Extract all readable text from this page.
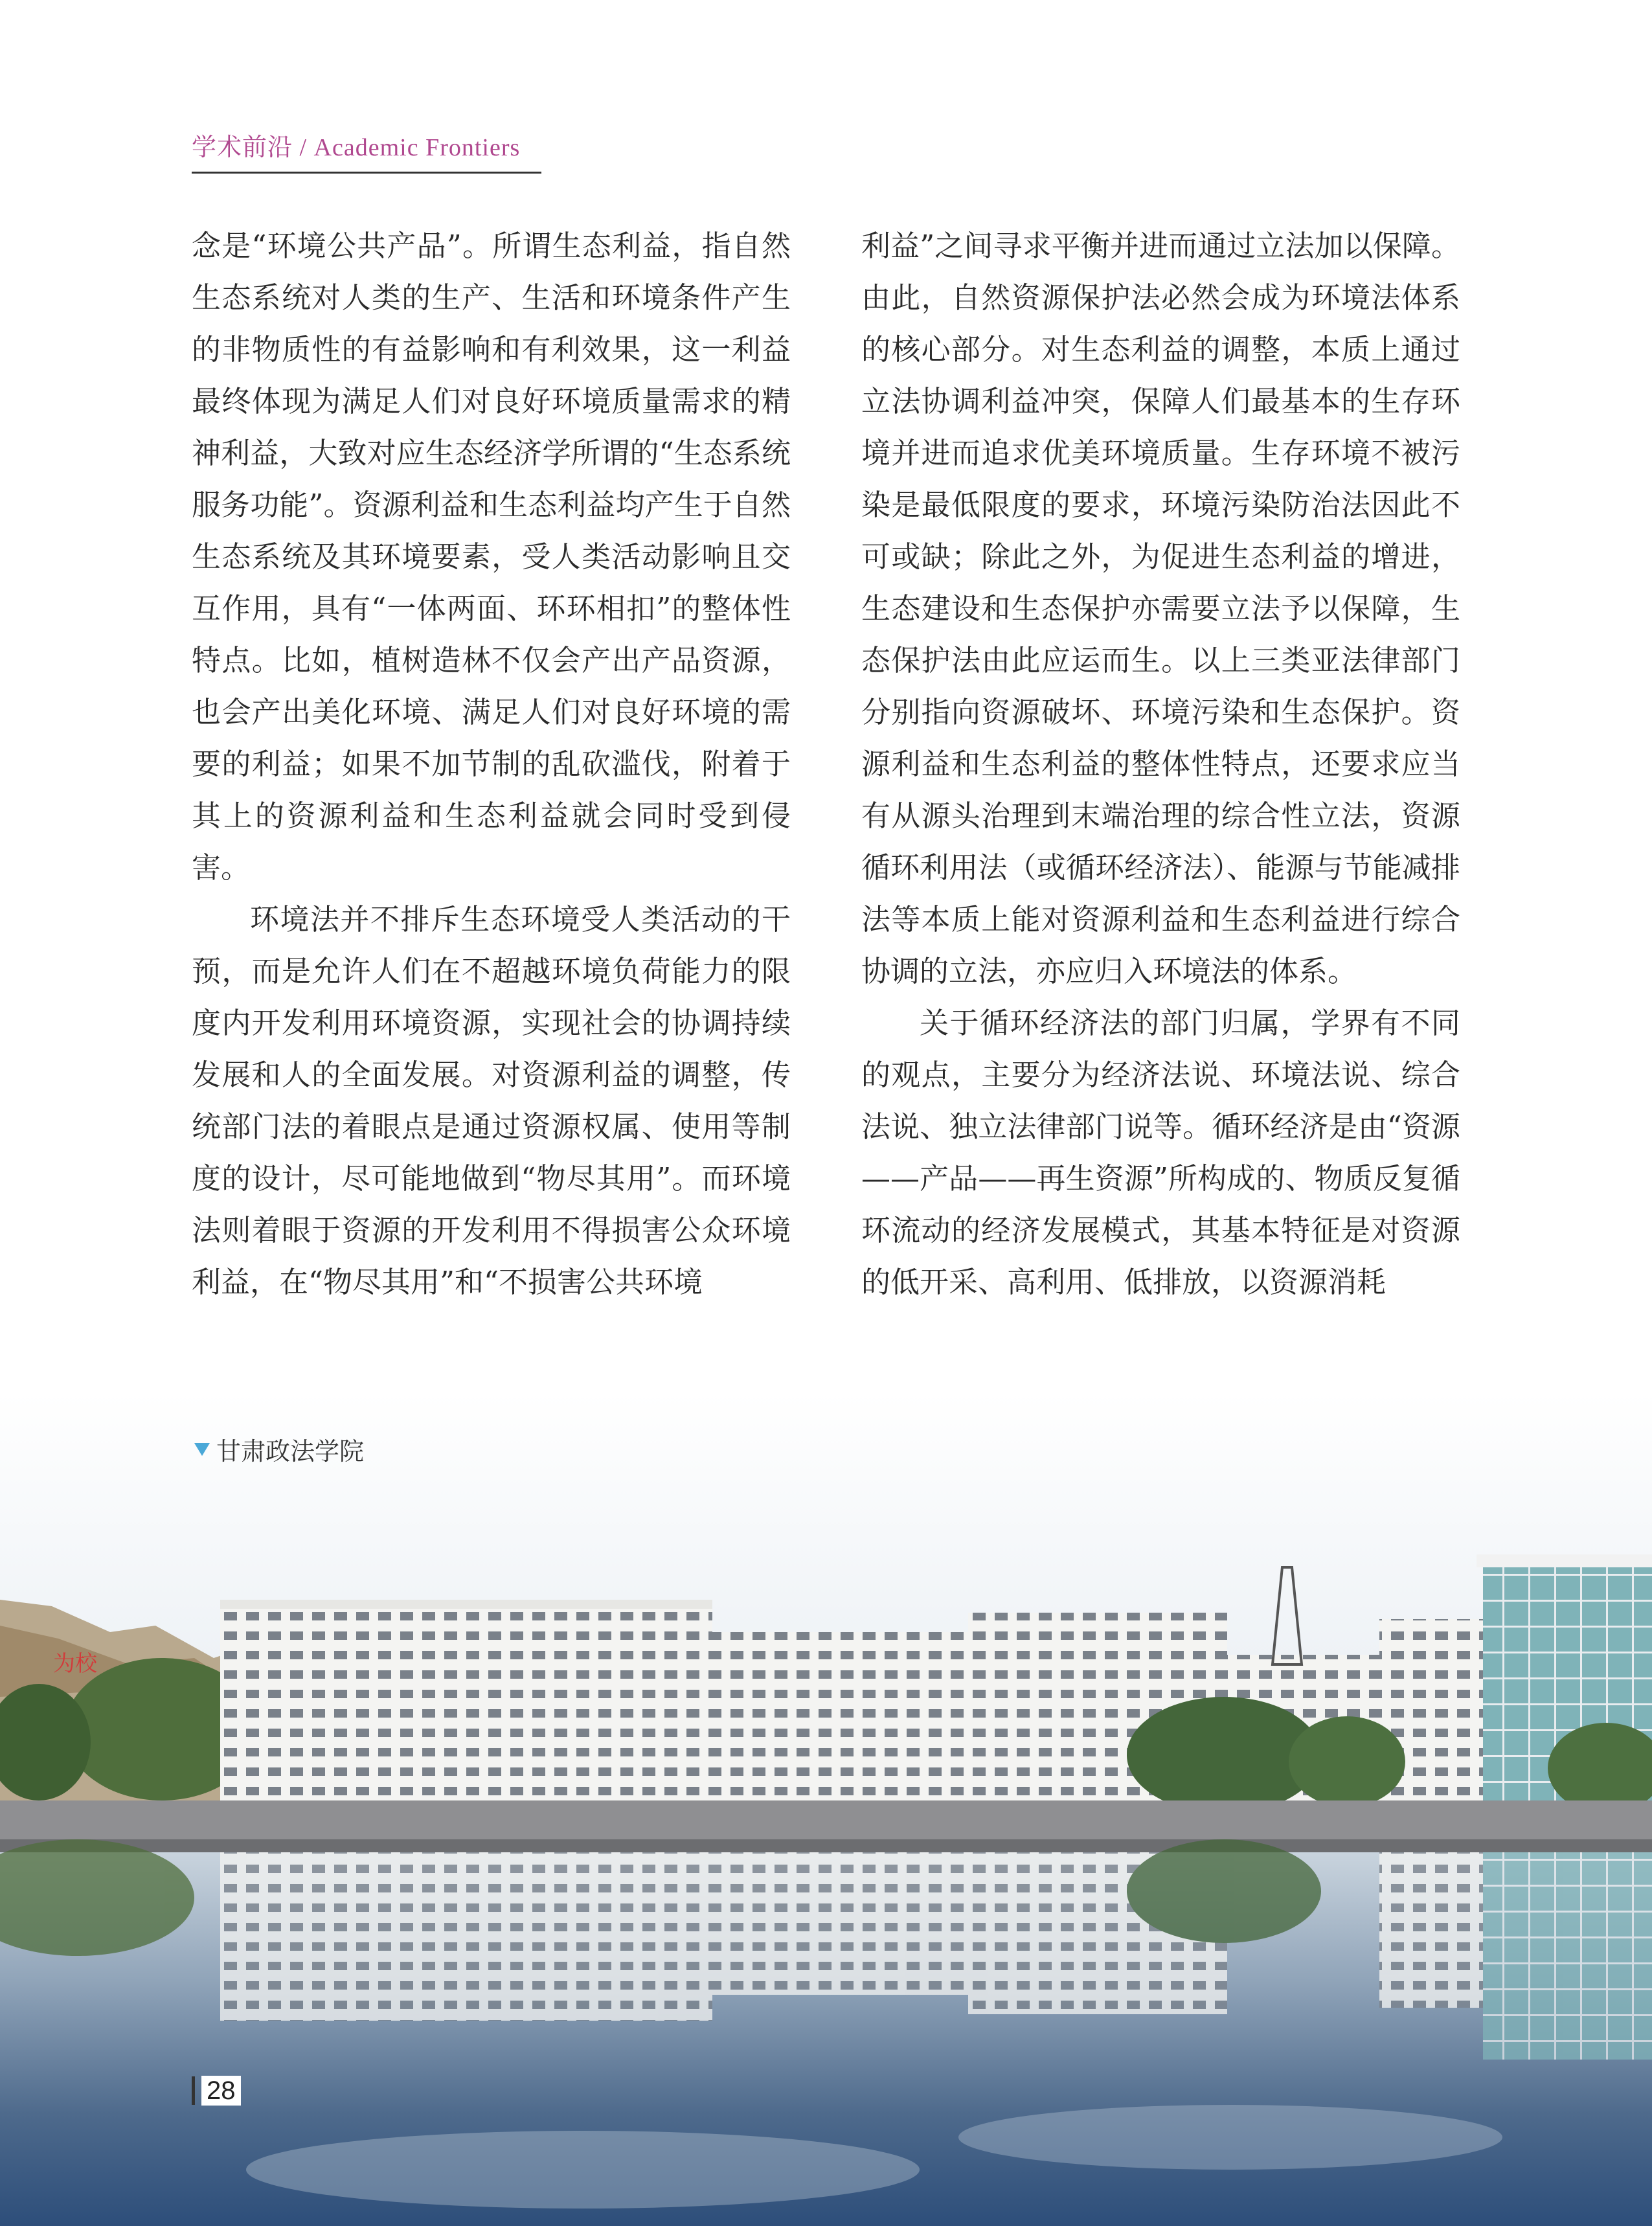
学术前沿 / Academic Frontiers

念是“环境公共产品”。所谓生态利益，指自然生态系统对人类的生产、生活和环境条件产生的非物质性的有益影响和有利效果，这一利益最终体现为满足人们对良好环境质量需求的精神利益，大致对应生态经济学所谓的“生态系统服务功能”。资源利益和生态利益均产生于自然生态系统及其环境要素，受人类活动影响且交互作用，具有“一体两面、环环相扣”的整体性特点。比如，植树造林不仅会产出产品资源，也会产出美化环境、满足人们对良好环境的需要的利益；如果不加节制的乱砍滥伐，附着于其上的资源利益和生态利益就会同时受到侵害。

环境法并不排斥生态环境受人类活动的干预，而是允许人们在不超越环境负荷能力的限度内开发利用环境资源，实现社会的协调持续发展和人的全面发展。对资源利益的调整，传统部门法的着眼点是通过资源权属、使用等制度的设计，尽可能地做到“物尽其用”。而环境法则着眼于资源的开发利用不得损害公众环境利益，在“物尽其用”和“不损害公共环境

利益”之间寻求平衡并进而通过立法加以保障。由此，自然资源保护法必然会成为环境法体系的核心部分。对生态利益的调整，本质上通过立法协调利益冲突，保障人们最基本的生存环境并进而追求优美环境质量。生存环境不被污染是最低限度的要求，环境污染防治法因此不可或缺；除此之外，为促进生态利益的增进，生态建设和生态保护亦需要立法予以保障，生态保护法由此应运而生。以上三类亚法律部门分别指向资源破坏、环境污染和生态保护。资源利益和生态利益的整体性特点，还要求应当有从源头治理到末端治理的综合性立法，资源循环利用法（或循环经济法）、能源与节能减排法等本质上能对资源利益和生态利益进行综合协调的立法，亦应归入环境法的体系。

关于循环经济法的部门归属，学界有不同的观点，主要分为经济法说、环境法说、综合法说、独立法律部门说等。循环经济是由“资源——产品——再生资源”所构成的、物质反复循环流动的经济发展模式，其基本特征是对资源的低开采、高利用、低排放，以资源消耗

为校
甘肃政法学院
28
